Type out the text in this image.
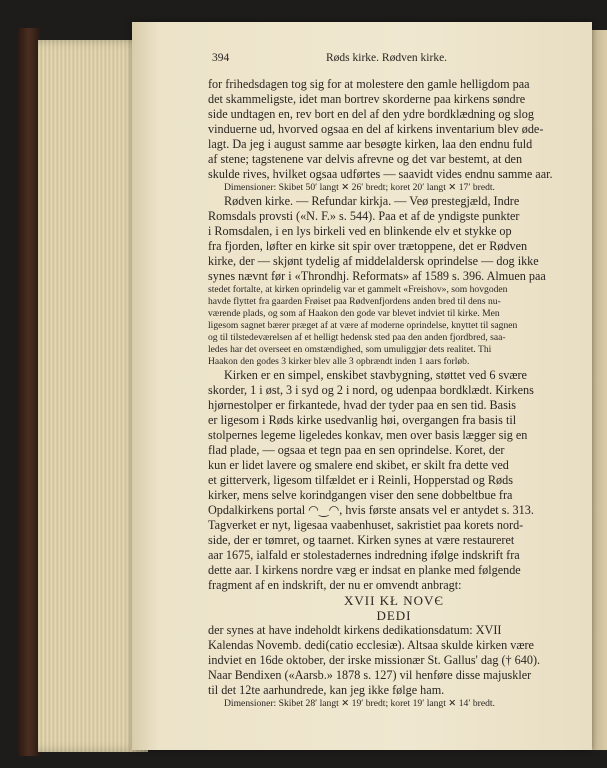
394	Røds kirke. Rødven kirke.
for frihedsdagen tog sig for at molestere den gamle helligdom paa
det skammeligste, idet man bortrev skorderne paa kirkens søndre
side undtagen en, rev bort en del af den ydre bordklædning og slog
vinduerne ud, hvorved ogsaa en del af kirkens inventarium blev øde-
lagt. Da jeg i august samme aar besøgte kirken, laa den endnu fuld
af stene; tagstenene var delvis afrevne og det var bestemt, at den
skulde rives, hvilket ogsaa udførtes — saavidt vides endnu samme aar.
Dimensioner: Skibet 50′ langt ✕ 26′ bredt; koret 20′ langt ✕ 17′ bredt.
Rødven kirke. — Refundar kirkja. — Veø prestegjæld, Indre
Romsdals provsti («N. F.» s. 544). Paa et af de yndigste punkter
i Romsdalen, i en lys birkeli ved en blinkende elv et stykke op
fra fjorden, løfter en kirke sit spir over trætoppene, det er Rødven
kirke, der — skjønt tydelig af middelaldersk oprindelse — dog ikke
synes nævnt før i «Throndhj. Reformats» af 1589 s. 396. Almuen paa
stedet fortalte, at kirken oprindelig var et gammelt «Freishov», som hovgoden
havde flyttet fra gaarden Frøiset paa Rødvenfjordens anden bred til dens nu-
værende plads, og som af Haakon den gode var blevet indviet til kirke. Men
ligesom sagnet bærer præget af at være af moderne oprindelse, knyttet til sagnen
og til tilstedeværelsen af et helligt hedensk sted paa den anden fjordbred, saa-
ledes har det overseet en omstændighed, som umuliggjør dets realitet. Thi
Haakon den godes 3 kirker blev alle 3 opbrændt inden 1 aars forløb.
Kirken er en simpel, enskibet stavbygning, støttet ved 6 svære
skorder, 1 i øst, 3 i syd og 2 i nord, og udenpaa bordklædt. Kirkens
hjørnestolper er firkantede, hvad der tyder paa en sen tid. Basis
er ligesom i Røds kirke usedvanlig høi, overgangen fra basis til
stolpernes legeme ligeledes konkav, men over basis lægger sig en
flad plade, — ogsaa et tegn paa en sen oprindelse. Koret, der
kun er lidet lavere og smalere end skibet, er skilt fra dette ved
et gitterverk, ligesom tilfældet er i Reinli, Hopperstad og Røds
kirker, mens selve korindgangen viser den sene dobbeltbue fra
Opdalkirkens portal ◠‿◠, hvis første ansats vel er antydet s. 313.
Tagverket er nyt, ligesaa vaabenhuset, sakristiet paa korets nord-
side, der er tømret, og taarnet. Kirken synes at være restaureret
aar 1675, ialfald er stolestadernes indredning ifølge indskrift fra
dette aar. I kirkens nordre væg er indsat en planke med følgende
fragment af en indskrift, der nu er omvendt anbragt:
XVII KŁ NOVЄ
DEDI
der synes at have indeholdt kirkens dedikationsdatum: XVII
Kalendas Novemb. dedi(catio ecclesiæ). Altsaa skulde kirken være
indviet en 16de oktober, der irske missionær St. Gallus' dag († 640).
Naar Bendixen («Aarsb.» 1878 s. 127) vil henføre disse majuskler
til det 12te aarhundrede, kan jeg ikke følge ham.
Dimensioner: Skibet 28′ langt ✕ 19′ bredt; koret 19′ langt ✕ 14′ bredt.
